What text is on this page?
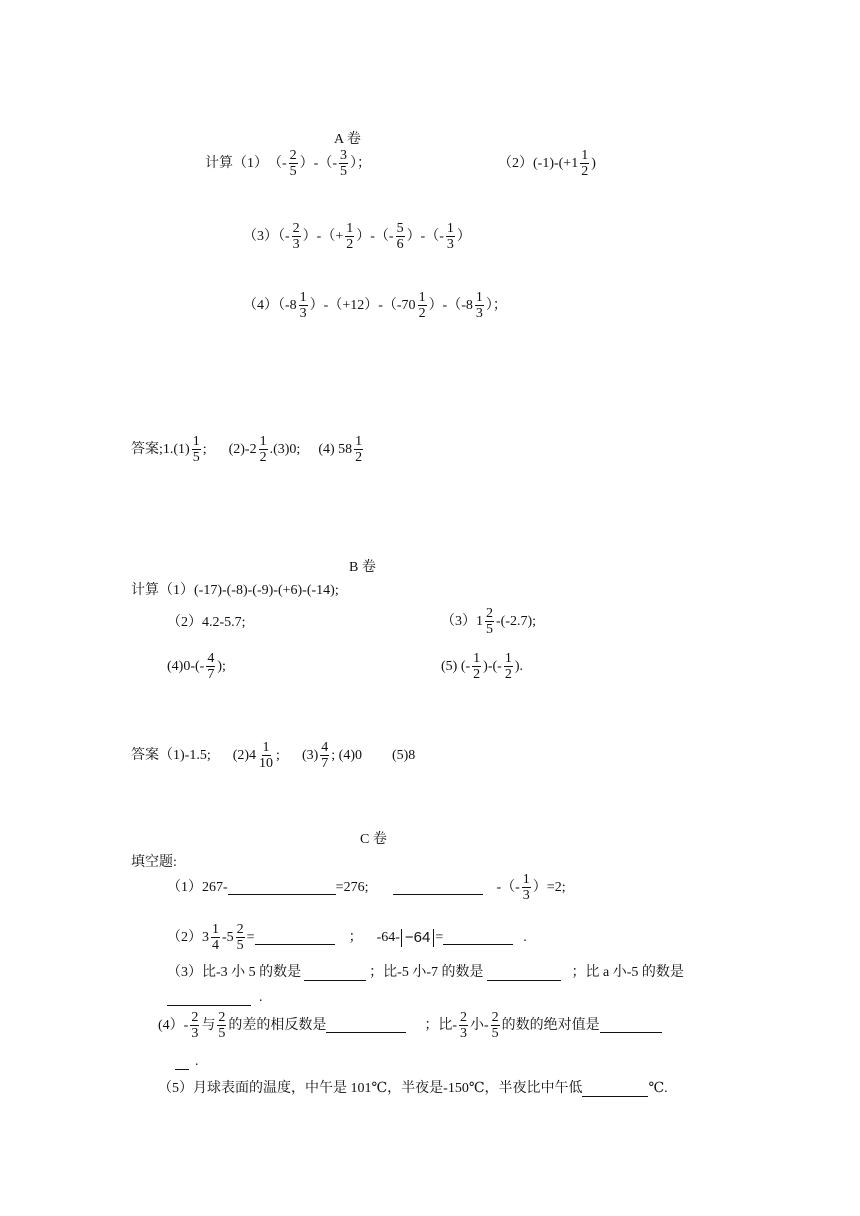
A 卷
计算（1） （- $\frac{2}{5}$ ）-（- $\frac{3}{5}$ ）；	$(2)(-1)-(+1 \frac{1}{2}$ )
$(3)(- \frac{2}{3}$ ）-（+ $\frac{1}{2}$ ）-（- $\frac{5}{6}$ ）-（- $\frac{1}{3}$ ）
$(4)(-8 \frac{1}{3} )-(+12)-(-70 \frac{1}{2} )-(-8 \frac{1}{3}$ ）；
答案;1.(1) $\frac{1}{5}$ ; $(2)-2 \frac{1}{2} .(3)0$; (4) $58 \frac{1}{2}$
B 卷
计算（1）(-17)-(-8)-(-9)-(+6)-(-14);
（2）4.2-5.7;	$(3)1 \frac{2}{5} -(-2.7)$;
$(4)0-(- \frac{4}{7}$ );	(5) (- $\frac{1}{2}$ )-(- $\frac{1}{2}$ ).
答案（1)-1.5; $(2)4 \frac{1}{10}$ ; $(3) \frac{4}{7}$ ; (4)0 (5)8
C 卷
填空题:
（1）267-	=276;	-（- $\frac{1}{3} )=2$;
$(2)3 \frac{1}{4} -5 \frac{2}{5}$ =	； -64- −64 =	.
（3）比-3 小 5 的数是	；比-5 小-7 的数是	；比 a 小-5 的数是
.
$(4)- \frac{2}{3}$ 与 $\frac{2}{5}$ 的差的相反数是	；比- $\frac{2}{3}$ 小- $\frac{2}{5}$ 的数的绝对值是
.
（5）月球表面的温度，中午是 101℃，半夜是-150℃，半夜比中午低	℃.
